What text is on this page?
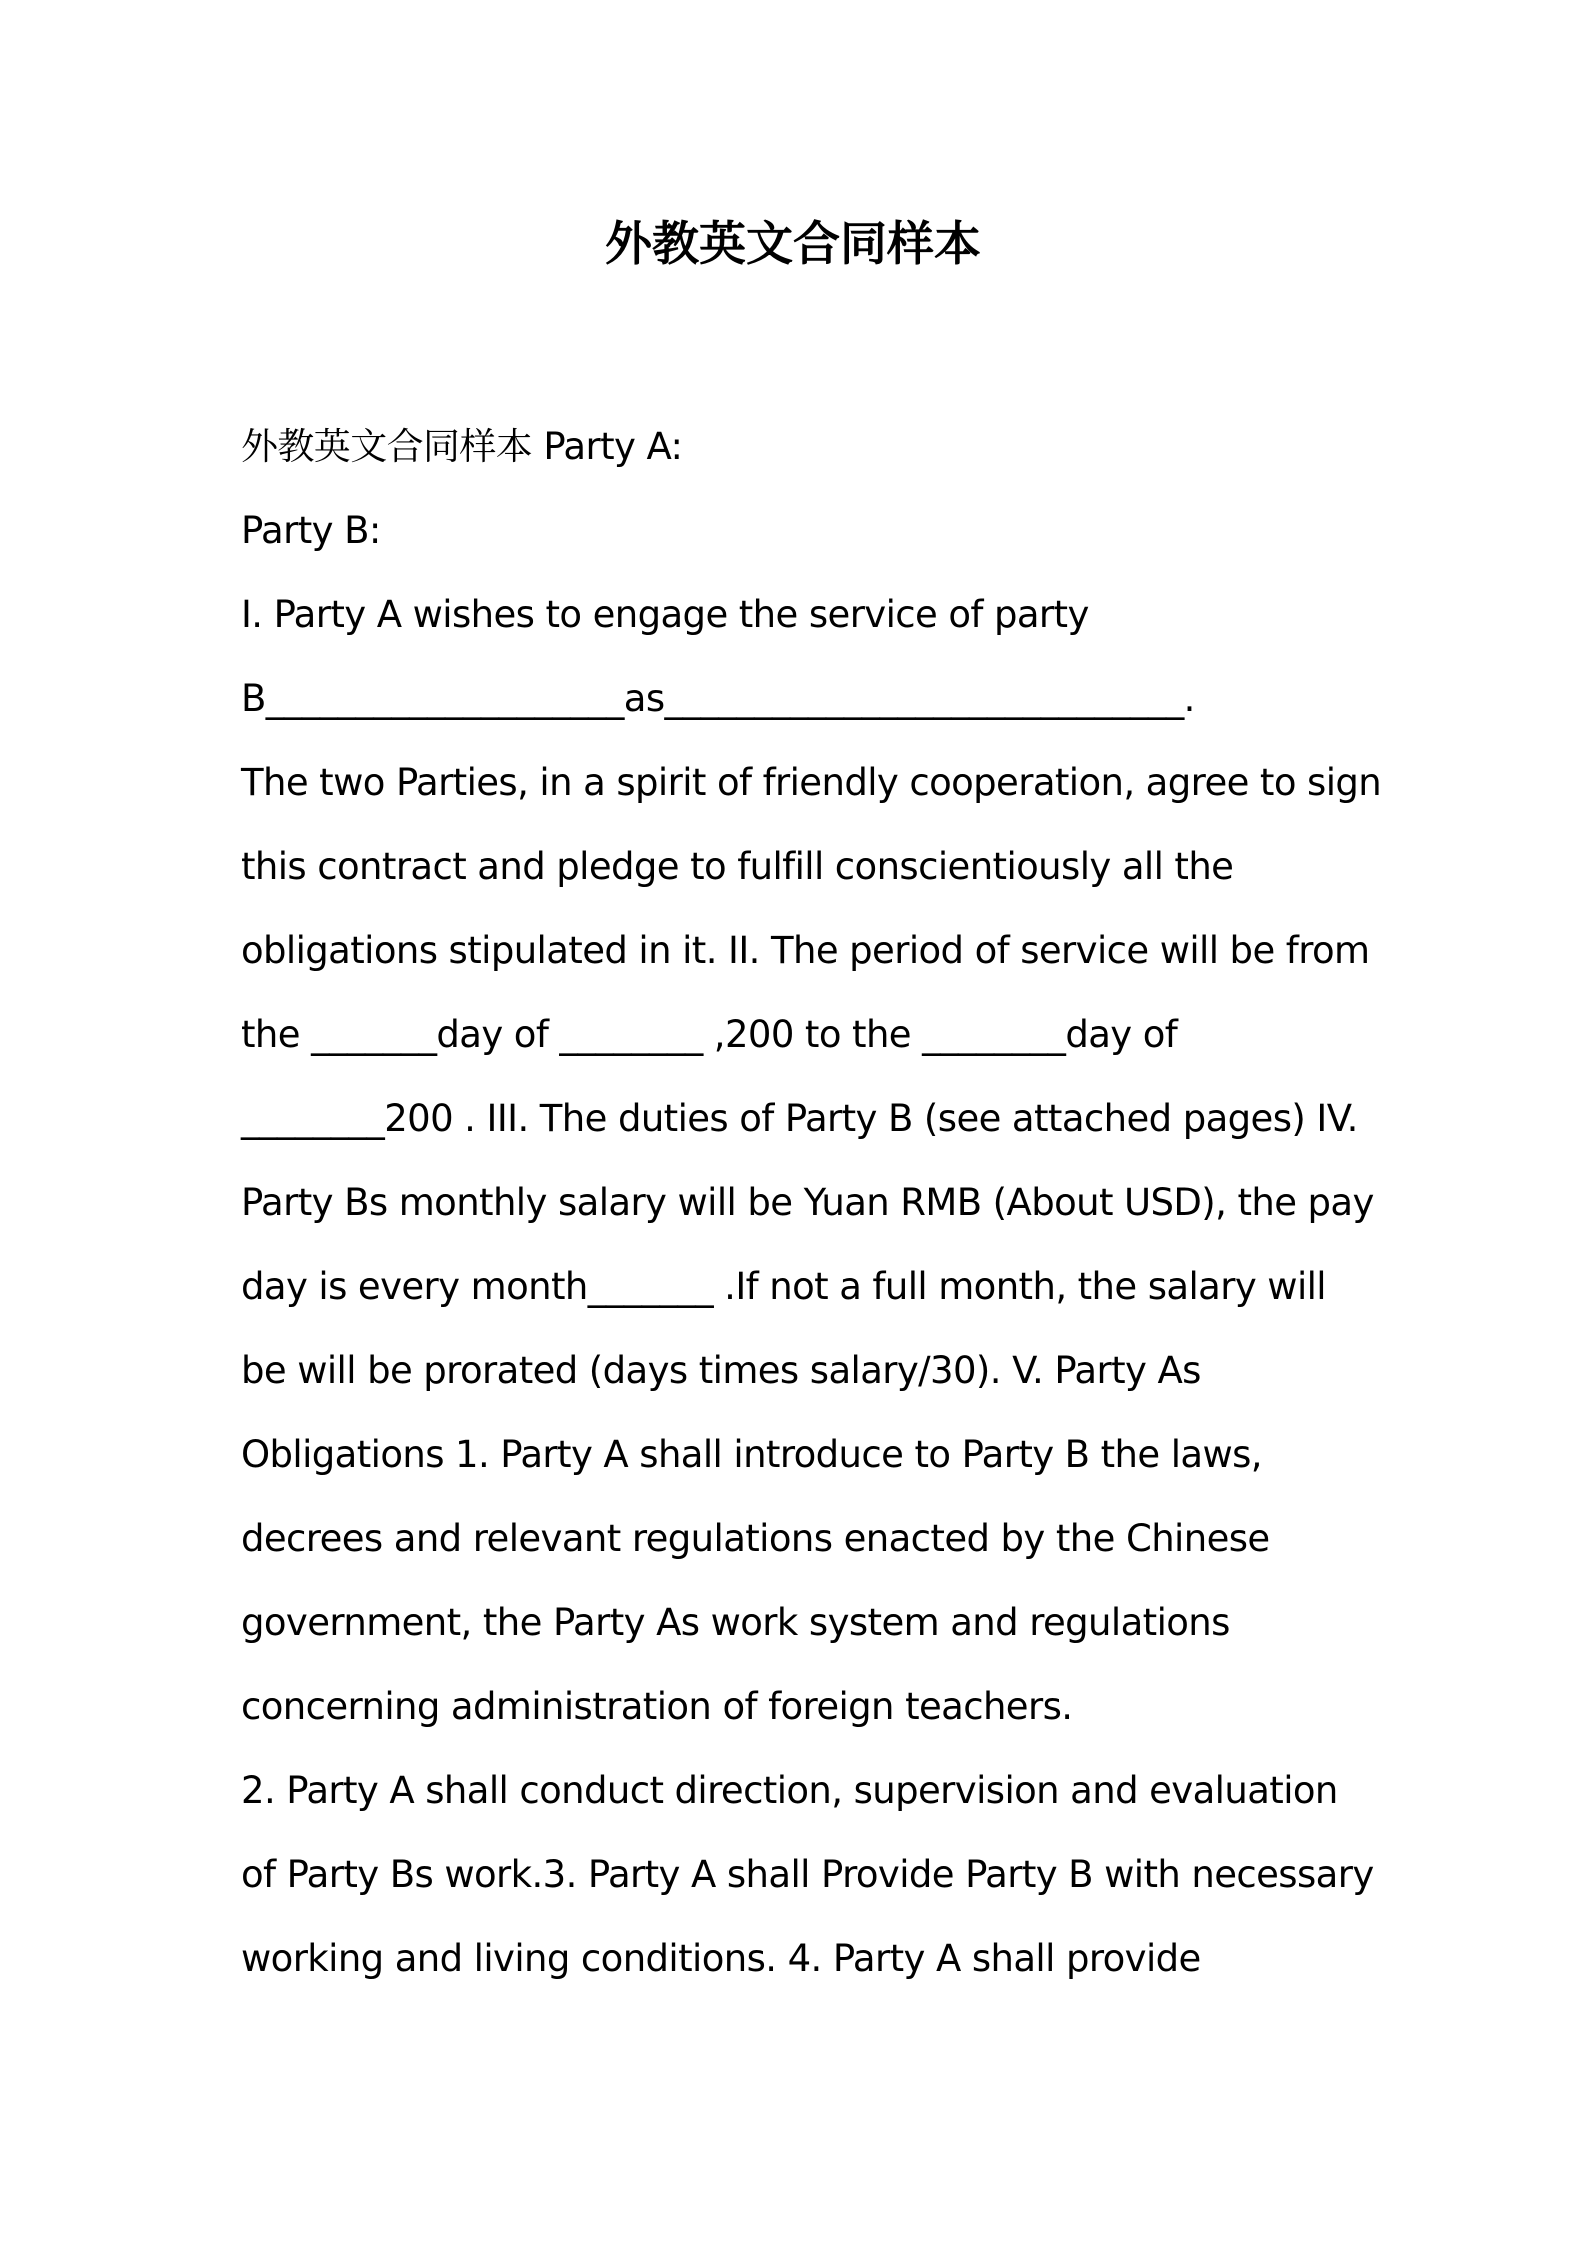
外教英文合同样本
外教英文合同样本 Party A:
Party B:
I. Party A wishes to engage the service of party
B____________________as_____________________________.
The two Parties, in a spirit of friendly cooperation, agree to sign
this contract and pledge to fulfill conscientiously all the
obligations stipulated in it. II. The period of service will be from
the _______day of ________ ,200 to the ________day of
________200 . III. The duties of Party B (see attached pages) IV.
Party Bs monthly salary will be Yuan RMB (About USD), the pay
day is every month_______ .If not a full month, the salary will
be will be prorated (days times salary/30). V. Party As
Obligations 1. Party A shall introduce to Party B the laws,
decrees and relevant regulations enacted by the Chinese
government, the Party As work system and regulations
concerning administration of foreign teachers.
2. Party A shall conduct direction, supervision and evaluation
of Party Bs work.3. Party A shall Provide Party B with necessary
working and living conditions. 4. Party A shall provide
